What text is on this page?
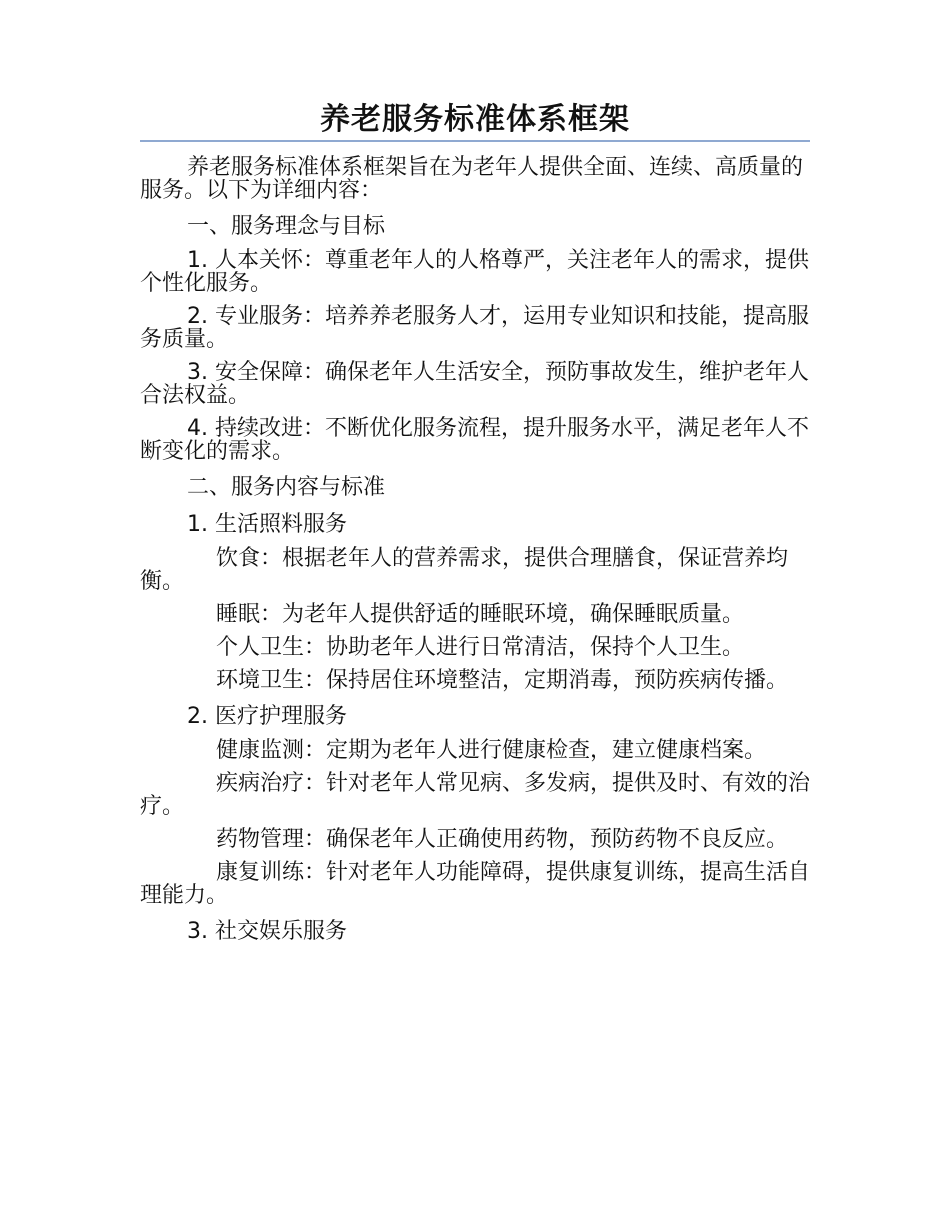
养老服务标准体系框架

养老服务标准体系框架旨在为老年人提供全面、连续、高质量的服务。以下为详细内容：

一、服务理念与目标

1. 人本关怀：尊重老年人的人格尊严，关注老年人的需求，提供个性化服务。

2. 专业服务：培养养老服务人才，运用专业知识和技能，提高服务质量。

3. 安全保障：确保老年人生活安全，预防事故发生，维护老年人合法权益。

4. 持续改进：不断优化服务流程，提升服务水平，满足老年人不断变化的需求。

二、服务内容与标准

1. 生活照料服务

饮食：根据老年人的营养需求，提供合理膳食，保证营养均衡。

睡眠：为老年人提供舒适的睡眠环境，确保睡眠质量。

个人卫生：协助老年人进行日常清洁，保持个人卫生。

环境卫生：保持居住环境整洁，定期消毒，预防疾病传播。

2. 医疗护理服务

健康监测：定期为老年人进行健康检查，建立健康档案。

疾病治疗：针对老年人常见病、多发病，提供及时、有效的治疗。

药物管理：确保老年人正确使用药物，预防药物不良反应。

康复训练：针对老年人功能障碍，提供康复训练，提高生活自理能力。

3. 社交娱乐服务
